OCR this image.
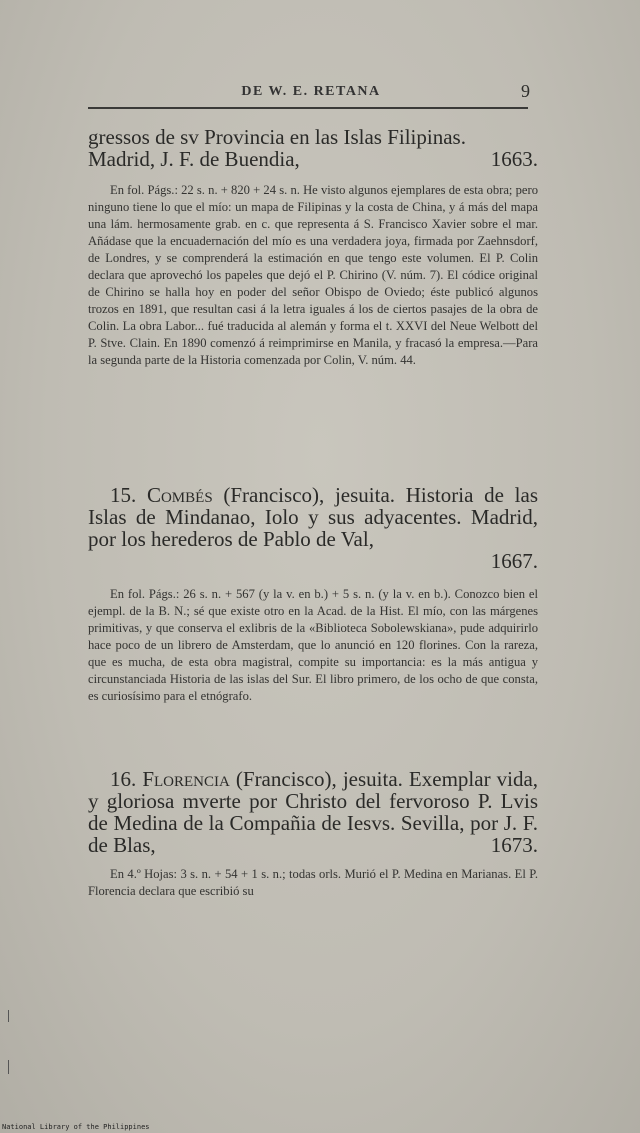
DE W. E. RETANA	9

gressos de sv Provincia en las Islas Filipinas.

Madrid, J. F. de Buendia,	1663.

En fol. Págs.: 22 s. n. + 820 + 24 s. n. He visto algunos ejemplares de esta obra; pero ninguno tiene lo que el mío: un mapa de Filipinas y la costa de China, y á más del mapa una lám. hermosamente grab. en c. que representa á S. Francisco Xavier sobre el mar. Añádase que la encuadernación del mío es una verdadera joya, firmada por Zaehnsdorf, de Londres, y se comprenderá la estimación en que tengo este volumen. El P. Colin declara que aprovechó los papeles que dejó el P. Chirino (V. núm. 7). El códice original de Chirino se halla hoy en poder del señor Obispo de Oviedo; éste publicó algunos trozos en 1891, que resultan casi á la letra iguales á los de ciertos pasajes de la obra de Colin. La obra Labor... fué traducida al alemán y forma el t. XXVI del Neue Welbott del P. Stve. Clain. En 1890 comenzó á reimprimirse en Manila, y fracasó la empresa.—Para la segunda parte de la Historia comenzada por Colin, V. núm. 44.

15. Combés (Francisco), jesuita. Historia de las Islas de Mindanao, Iolo y sus adyacentes. Madrid, por los herederos de Pablo de Val,

1667.

En fol. Págs.: 26 s. n. + 567 (y la v. en b.) + 5 s. n. (y la v. en b.). Conozco bien el ejempl. de la B. N.; sé que existe otro en la Acad. de la Hist. El mío, con las márgenes primitivas, y que conserva el exlibris de la «Biblioteca Sobolewskiana», pude adquirirlo hace poco de un librero de Amsterdam, que lo anunció en 120 florines. Con la rareza, que es mucha, de esta obra magistral, compite su importancia: es la más antigua y circunstanciada Historia de las islas del Sur. El libro primero, de los ocho de que consta, es curiosísimo para el etnógrafo.

16. Florencia (Francisco), jesuita. Exemplar vida, y gloriosa mverte por Christo del fervoroso P. Lvis de Medina de la Compañia de Iesvs. Sevilla, por J. F. de Blas,	1673.

En 4.º Hojas: 3 s. n. + 54 + 1 s. n.; todas orls. Murió el P. Medina en Marianas. El P. Florencia declara que escribió su

National Library of the Philippines
